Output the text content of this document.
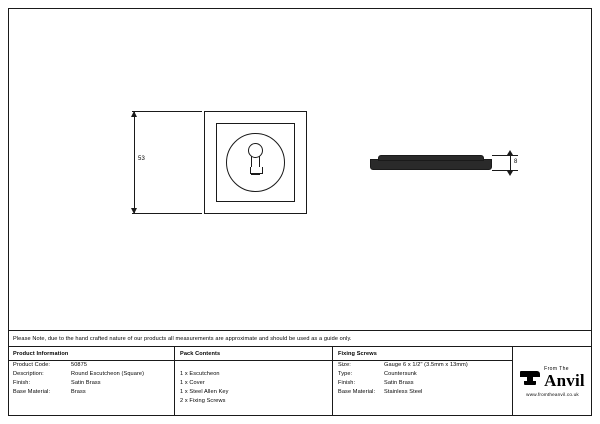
53	8
Please Note, due to the hand crafted nature of our products all measurements are approximate and should be used as a guide only.
Product Information
Product Code:	50875
Description:	Round Escutcheon (Square)
Finish:	Satin Brass
Base Material:	Brass
Pack Contents
1 x Escutcheon
1 x Cover
1 x Steel Allen Key
2 x Fixing Screws
Fixing Screws
Size:	Gauge 6 x 1/2" (3.5mm x 13mm)
Type:	Countersunk
Finish:	Satin Brass
Base Material:	Stainless Steel
From The
Anvil
www.fromtheanvil.co.uk
